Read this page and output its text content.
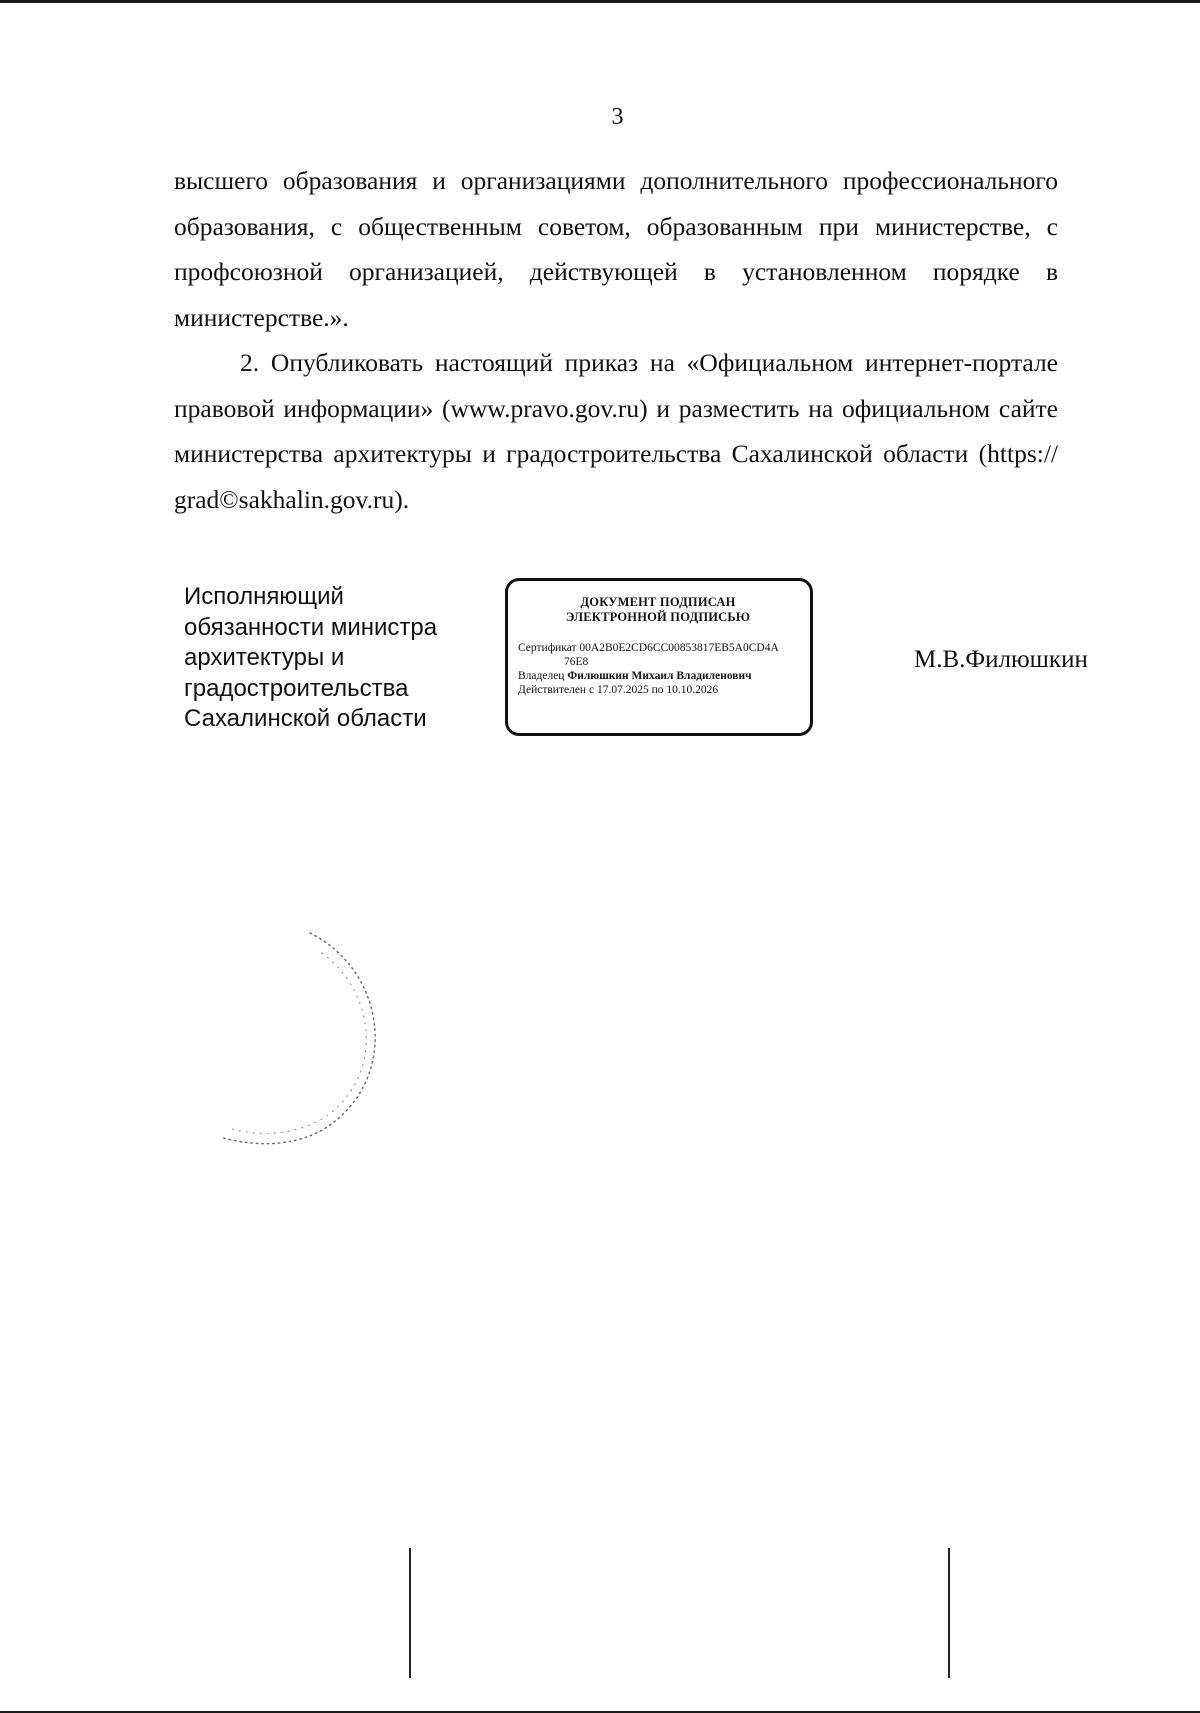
3

высшего образования и организациями дополнительного профессионального образования, с общественным советом, образованным при министерстве, с профсоюзной организацией, действующей в установленном порядке в министерстве.».

2. Опубликовать настоящий приказ на «Официальном интернет-портале правовой информации» (www.pravo.gov.ru) и разместить на официальном сайте министерства архитектуры и градостроительства Сахалинской области (https:// grad©sakhalin.gov.ru).

Исполняющий
обязанности министра
архитектуры и
градостроительства
Сахалинской области
ДОКУМЕНТ ПОДПИСАН
ЭЛЕКТРОННОЙ ПОДПИСЬЮ
Сертификат 00A2B0E2CD6CC00853817EB5A0CD4A
76E8
Владелец Филюшкин Михаил Владиленович
Действителен с 17.07.2025 по 10.10.2026
М.В.Филюшкин
